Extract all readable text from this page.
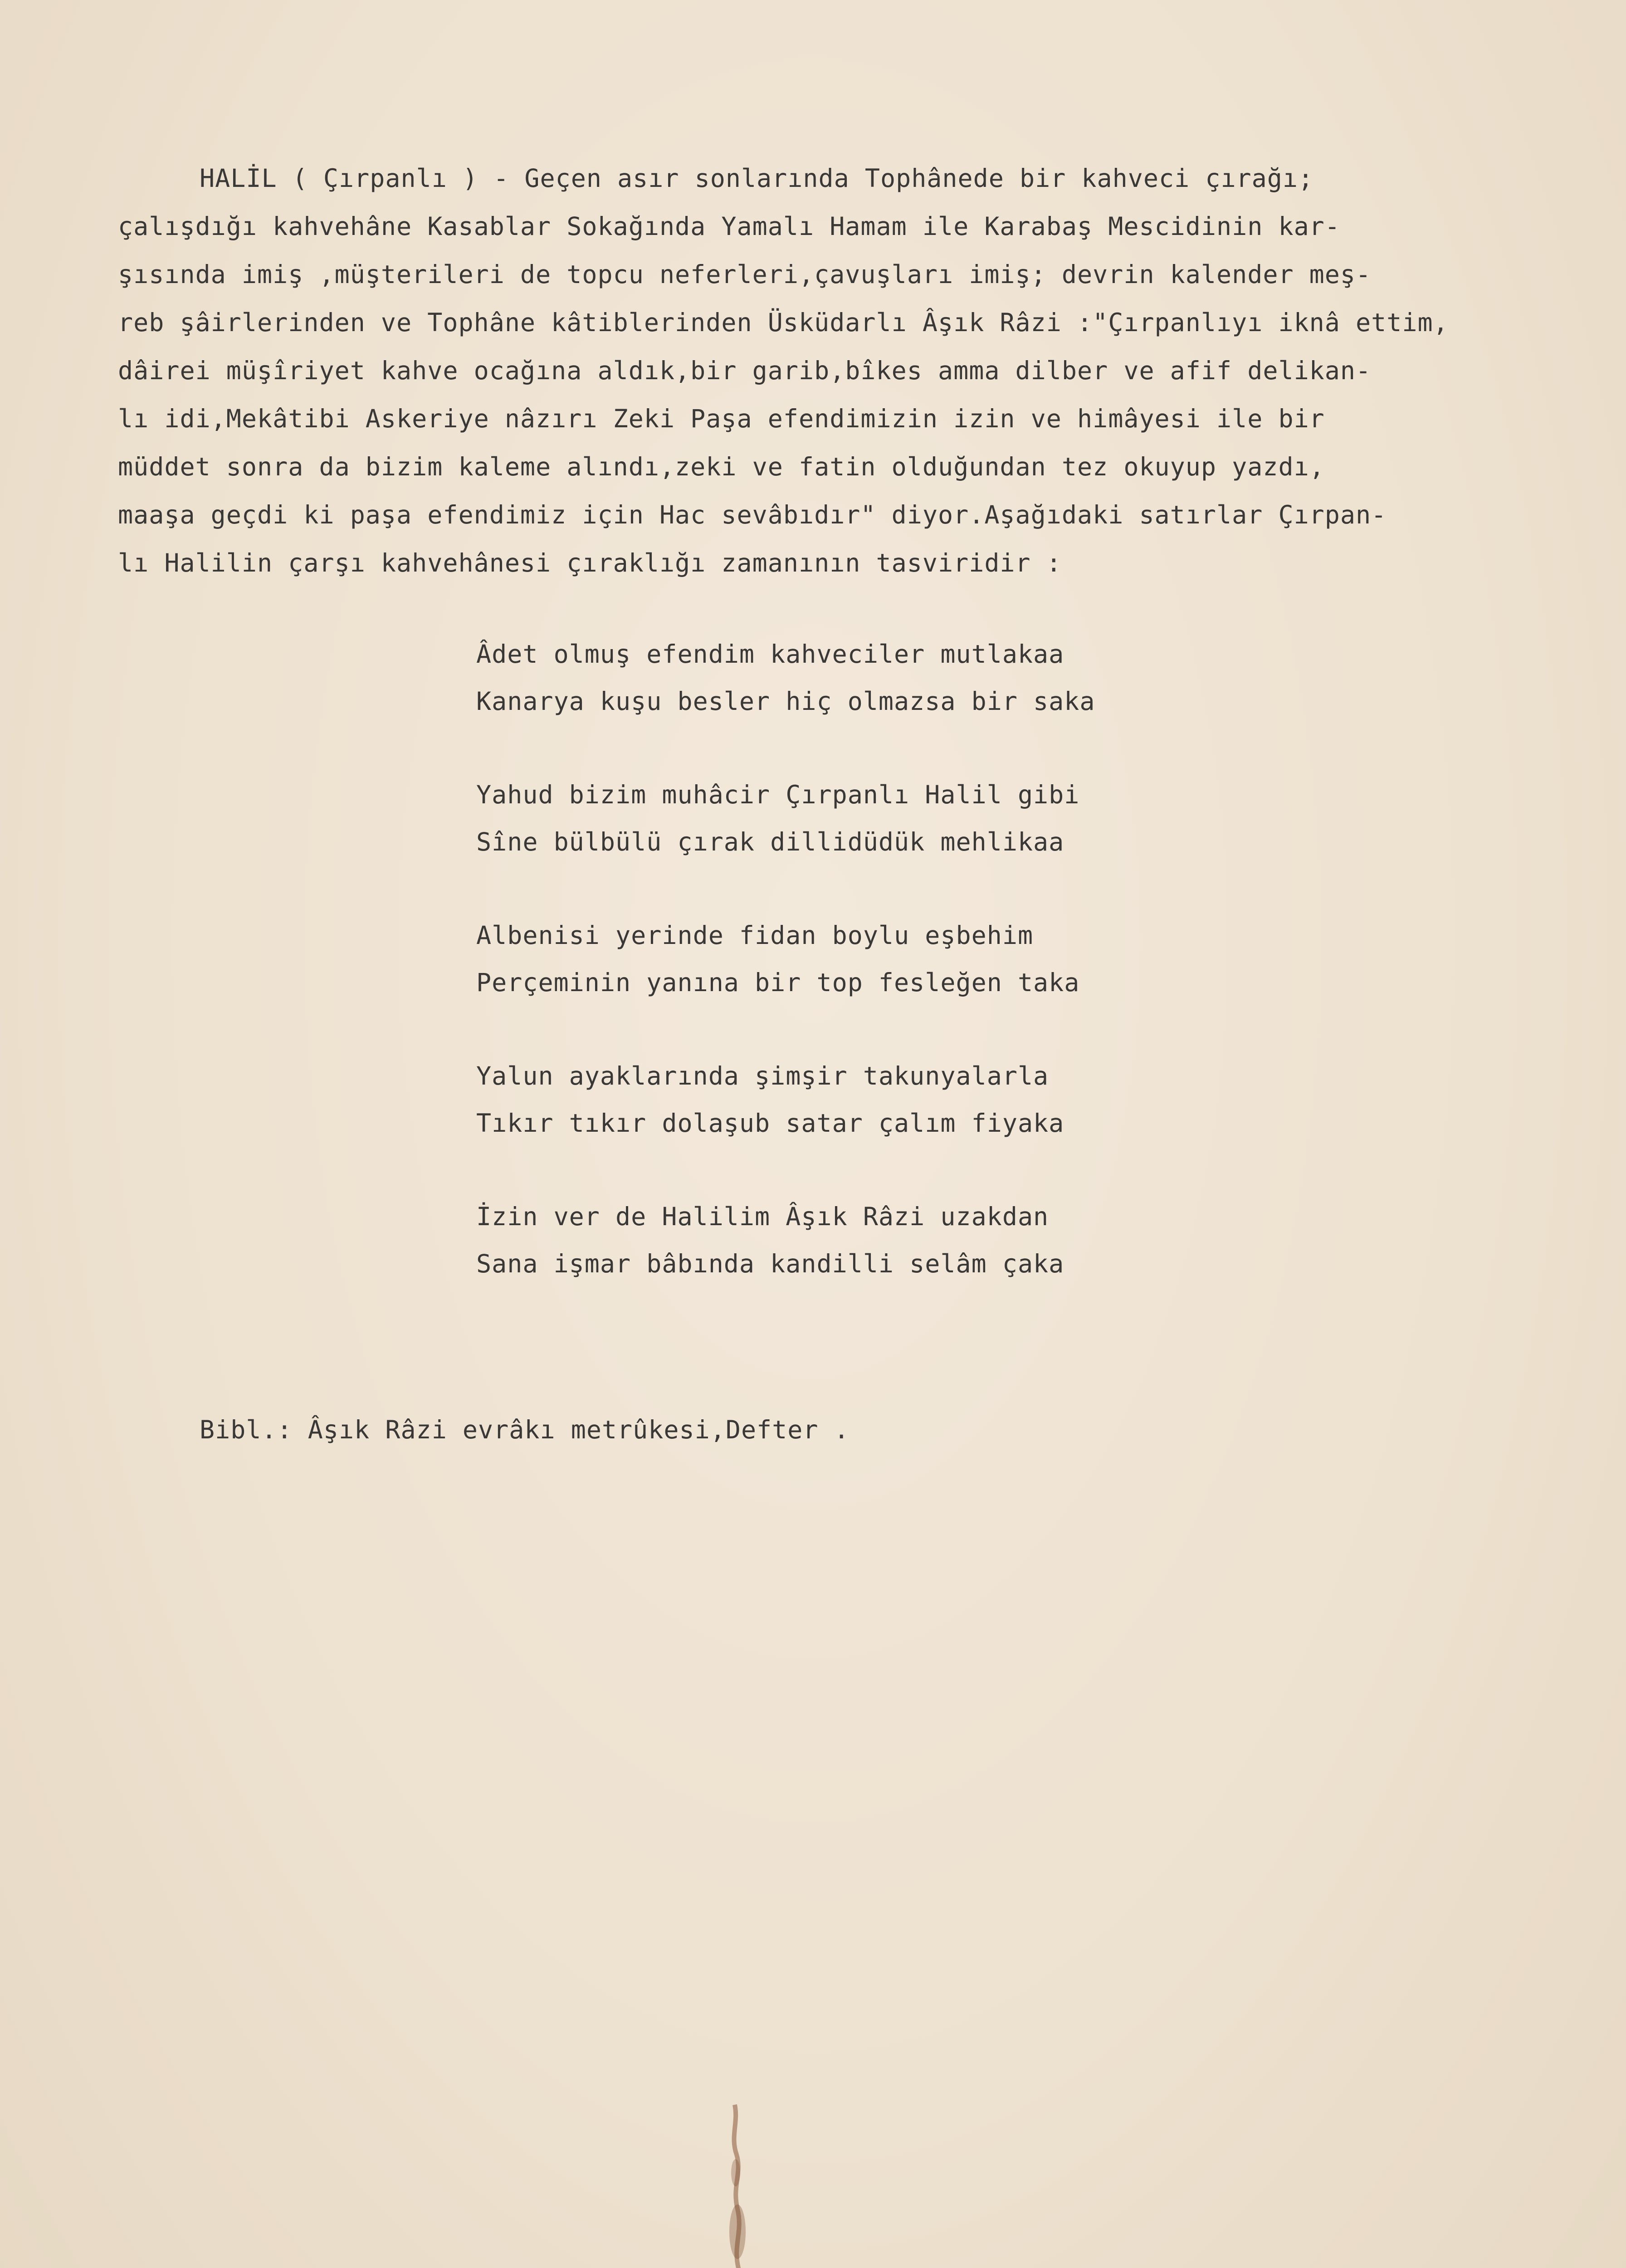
HALİL ( Çırpanlı ) - Geçen asır sonlarında Tophânede bir kahveci çırağı;
çalışdığı kahvehâne Kasablar Sokağında Yamalı Hamam ile Karabaş Mescidinin kar-
şısında imiş ,müşterileri de topcu neferleri,çavuşları imiş; devrin kalender meş-
reb şâirlerinden ve Tophâne kâtiblerinden Üsküdarlı Âşık Râzi :"Çırpanlıyı iknâ ettim,
dâirei müşîriyet kahve ocağına aldık,bir garib,bîkes amma dilber ve afif delikan-
lı idi,Mekâtibi Askeriye nâzırı Zeki Paşa efendimizin izin ve himâyesi ile bir
müddet sonra da bizim kaleme alındı,zeki ve fatin olduğundan tez okuyup yazdı,
maaşa geçdi ki paşa efendimiz için Hac sevâbıdır" diyor.Aşağıdaki satırlar Çırpan-
lı Halilin çarşı kahvehânesi çıraklığı zamanının tasviridir :
Âdet olmuş efendim kahveciler mutlakaa
Kanarya kuşu besler hiç olmazsa bir saka
Yahud bizim muhâcir Çırpanlı Halil gibi
Sîne bülbülü çırak dillidüdük mehlikaa
Albenisi yerinde fidan boylu eşbehim
Perçeminin yanına bir top fesleğen taka
Yalun ayaklarında şimşir takunyalarla
Tıkır tıkır dolaşub satar çalım fiyaka
İzin ver de Halilim Âşık Râzi uzakdan
Sana işmar bâbında kandilli selâm çaka
Bibl.: Âşık Râzi evrâkı metrûkesi,Defter .
